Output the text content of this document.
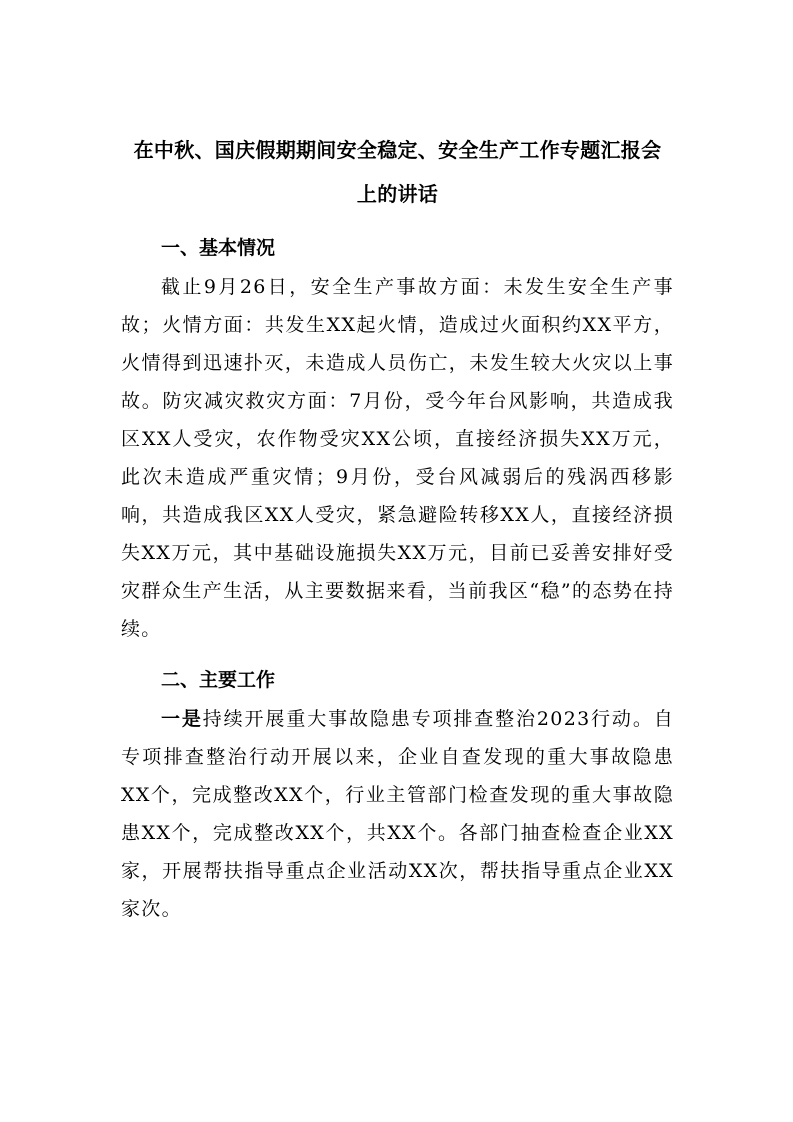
在中秋、国庆假期期间安全稳定、安全生产工作专题汇报会
上的讲话
一、基本情况

截止9月26日，安全生产事故方面：未发生安全生产事故；火情方面：共发生XX起火情，造成过火面积约XX平方，火情得到迅速扑灭，未造成人员伤亡，未发生较大火灾以上事故。防灾减灾救灾方面：7月份，受今年台风影响，共造成我区XX人受灾，农作物受灾XX公顷，直接经济损失XX万元，此次未造成严重灾情；9月份，受台风减弱后的残涡西移影响，共造成我区XX人受灾，紧急避险转移XX人，直接经济损失XX万元，其中基础设施损失XX万元，目前已妥善安排好受灾群众生产生活，从主要数据来看，当前我区“稳”的态势在持续。

二、主要工作

一是持续开展重大事故隐患专项排查整治2023行动。自专项排查整治行动开展以来，企业自查发现的重大事故隐患XX个，完成整改XX个，行业主管部门检查发现的重大事故隐患XX个，完成整改XX个，共XX个。各部门抽查检查企业XX家，开展帮扶指导重点企业活动XX次，帮扶指导重点企业XX家次。
